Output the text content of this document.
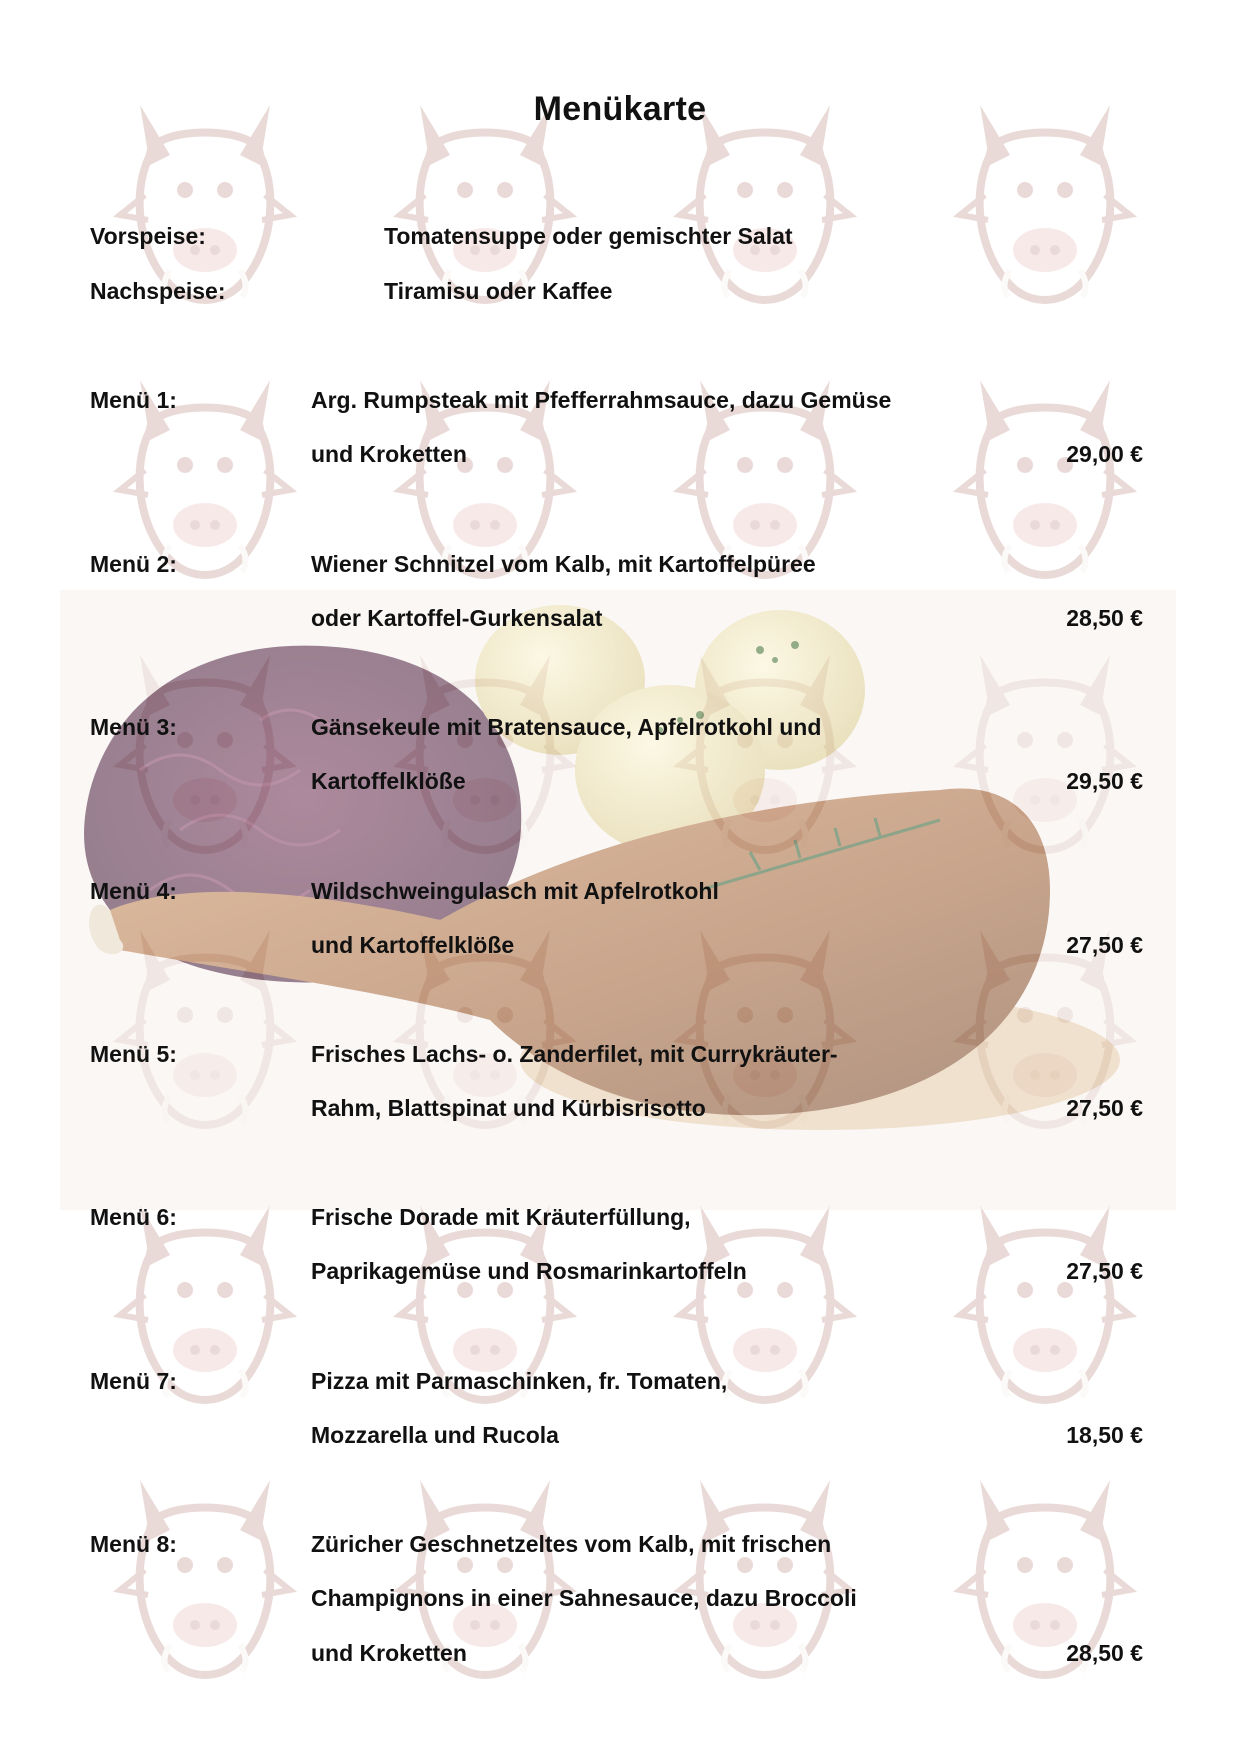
Menükarte
Vorspeise:	Tomatensuppe oder gemischter Salat
Nachspeise:	Tiramisu oder Kaffee
Menü 1:	Arg. Rumpsteak mit Pfefferrahmsauce, dazu Gemüse
und Kroketten	29,00 €
Menü 2:	Wiener Schnitzel vom Kalb, mit Kartoffelpüree
oder Kartoffel-Gurkensalat	28,50 €
Menü 3:	Gänsekeule mit Bratensauce, Apfelrotkohl und
Kartoffelklöße	29,50 €
Menü 4:	Wildschweingulasch mit Apfelrotkohl
und Kartoffelklöße	27,50 €
Menü 5:	Frisches Lachs- o. Zanderfilet, mit Currykräuter-
Rahm, Blattspinat und Kürbisrisotto	27,50 €
Menü 6:	Frische Dorade mit Kräuterfüllung,
Paprikagemüse und Rosmarinkartoffeln	27,50 €
Menü 7:	Pizza mit Parmaschinken, fr. Tomaten,
Mozzarella und Rucola	18,50 €
Menü 8:	Züricher Geschnetzeltes vom Kalb, mit frischen
Champignons in einer Sahnesauce, dazu Broccoli
und Kroketten	28,50 €
